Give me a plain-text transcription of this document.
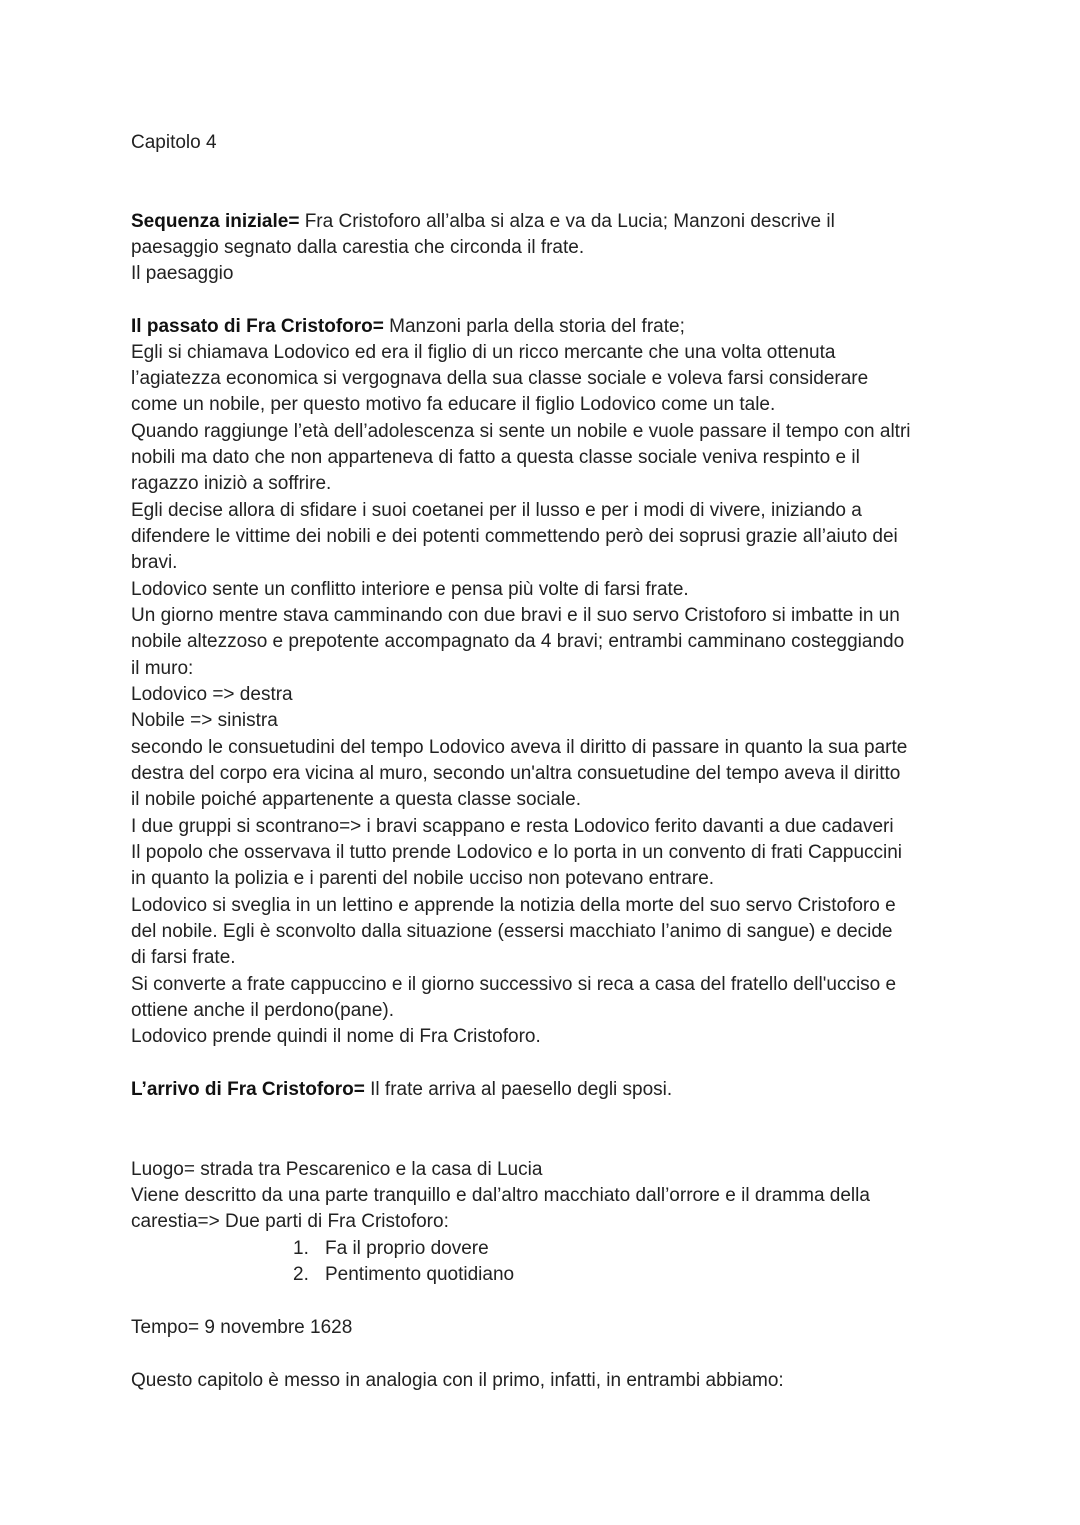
Capitolo 4
Sequenza iniziale= Fra Cristoforo all’alba si alza e va da Lucia; Manzoni descrive il
paesaggio segnato dalla carestia che circonda il frate.
Il paesaggio
Il passato di Fra Cristoforo= Manzoni parla della storia del frate;
Egli si chiamava Lodovico ed era il figlio di un ricco mercante che una volta ottenuta
l’agiatezza economica si vergognava della sua classe sociale e voleva farsi considerare
come un nobile, per questo motivo fa educare il figlio Lodovico come un tale.
Quando raggiunge l’età dell’adolescenza si sente un nobile e vuole passare il tempo con altri
nobili ma dato che non apparteneva di fatto a questa classe sociale veniva respinto e il
ragazzo iniziò a soffrire.
Egli decise allora di sfidare i suoi coetanei per il lusso e per i modi di vivere, iniziando a
difendere le vittime dei nobili e dei potenti commettendo però dei soprusi grazie all’aiuto dei
bravi.
Lodovico sente un conflitto interiore e pensa più volte di farsi frate.
Un giorno mentre stava camminando con due bravi e il suo servo Cristoforo si imbatte in un
nobile altezzoso e prepotente accompagnato da 4 bravi; entrambi camminano costeggiando
il muro:
Lodovico => destra
Nobile => sinistra
secondo le consuetudini del tempo Lodovico aveva il diritto di passare in quanto la sua parte
destra del corpo era vicina al muro, secondo un'altra consuetudine del tempo aveva il diritto
il nobile poiché appartenente a questa classe sociale.
I due gruppi si scontrano=> i bravi scappano e resta Lodovico ferito davanti a due cadaveri
Il popolo che osservava il tutto prende Lodovico e lo porta in un convento di frati Cappuccini
in quanto la polizia e i parenti del nobile ucciso non potevano entrare.
Lodovico si sveglia in un lettino e apprende la notizia della morte del suo servo Cristoforo e
del nobile. Egli è sconvolto dalla situazione (essersi macchiato l’animo di sangue) e decide
di farsi frate.
Si converte a frate cappuccino e il giorno successivo si reca a casa del fratello dell'ucciso e
ottiene anche il perdono(pane).
Lodovico prende quindi il nome di Fra Cristoforo.
L’arrivo di Fra Cristoforo= Il frate arriva al paesello degli sposi.
Luogo= strada tra Pescarenico e la casa di Lucia
Viene descritto da una parte tranquillo e dal’altro macchiato dall’orrore e il dramma della
carestia=> Due parti di Fra Cristoforo:
1. Fa il proprio dovere
2. Pentimento quotidiano
Tempo= 9 novembre 1628
Questo capitolo è messo in analogia con il primo, infatti, in entrambi abbiamo:
